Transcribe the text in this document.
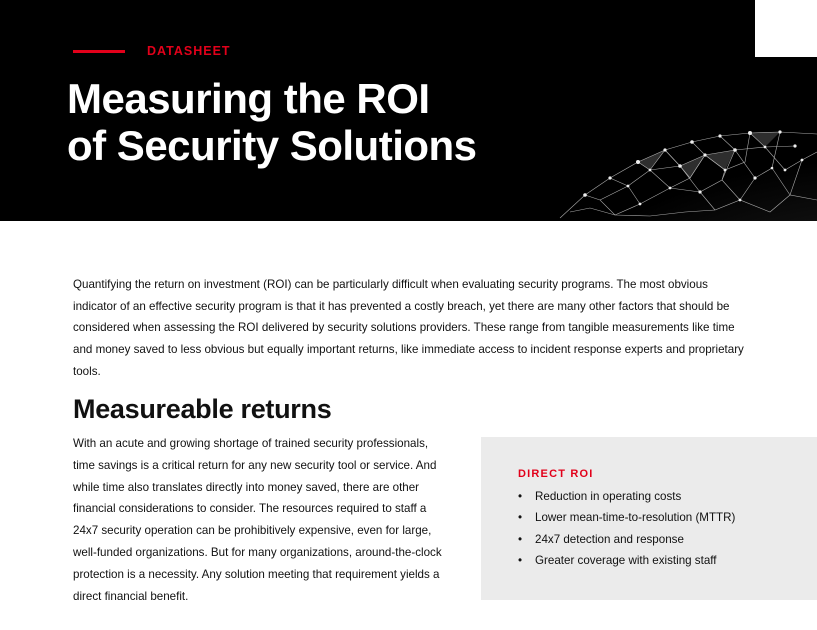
DATASHEET
Measuring the ROI
of Security Solutions

Quantifying the return on investment (ROI) can be particularly difficult when evaluating security programs. The most obvious indicator of an effective security program is that it has prevented a costly breach, yet there are many other factors that should be considered when assessing the ROI delivered by security solutions providers. These range from tangible measurements like time and money saved to less obvious but equally important returns, like immediate access to incident response experts and proprietary tools.

Measureable returns

With an acute and growing shortage of trained security professionals, time savings is a critical return for any new security tool or service. And while time also translates directly into money saved, there are other financial considerations to consider. The resources required to staff a 24x7 security operation can be prohibitively expensive, even for large, well-funded organizations. But for many organizations, around-the-clock protection is a necessity. Any solution meeting that requirement yields a direct financial benefit.

DIRECT ROI
• Reduction in operating costs
• Lower mean-time-to-resolution (MTTR)
• 24x7 detection and response
• Greater coverage with existing staff
